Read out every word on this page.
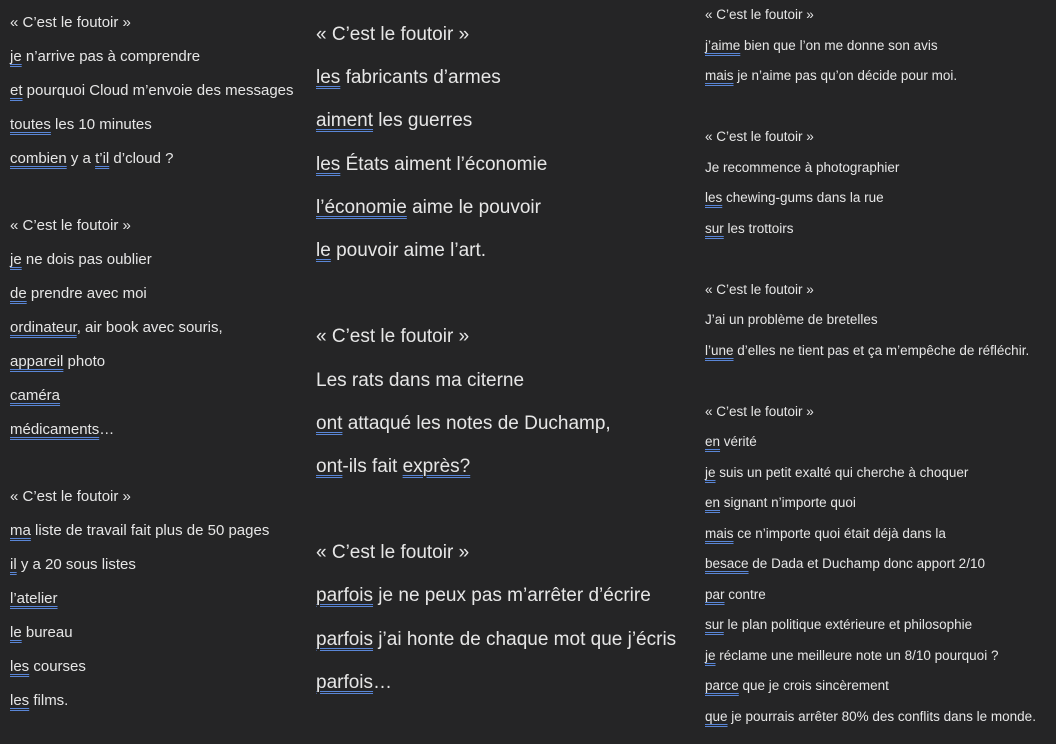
« C’est le foutoir »
je n’arrive pas à comprendre
et pourquoi Cloud m’envoie des messages
toutes les 10 minutes
combien y a t’il d’cloud ?
« C’est le foutoir »
je ne dois pas oublier
de prendre avec moi
ordinateur, air book avec souris,
appareil photo
caméra
médicaments…
« C’est le foutoir »
ma liste de travail fait plus de 50 pages
il y a 20 sous listes
l’atelier
le bureau
les courses
les films.
« C’est le foutoir »
les fabricants d’armes
aiment les guerres
les États aiment l’économie
l’économie aime le pouvoir
le pouvoir aime l’art.
« C’est le foutoir »
Les rats dans ma citerne
ont attaqué les notes de Duchamp,
ont-ils fait exprès?
« C’est le foutoir »
parfois je ne peux pas m’arrêter d’écrire
parfois j’ai honte de chaque mot que j’écris
parfois…
« C’est le foutoir »
j’aime bien que l’on me donne son avis
mais je n’aime pas qu’on décide pour moi.
« C’est le foutoir »
Je recommence à photographier
les chewing-gums dans la rue
sur les trottoirs
« C’est le foutoir »
J’ai un problème de bretelles
l’une d’elles ne tient pas et ça m’empêche de réfléchir.
« C’est le foutoir »
en vérité
je suis un petit exalté qui cherche à choquer
en signant n’importe quoi
mais ce n’importe quoi était déjà dans la
besace de Dada et Duchamp donc apport 2/10
par contre
sur le plan politique extérieure et philosophie
je réclame une meilleure note un 8/10 pourquoi ?
parce que je crois sincèrement
que je pourrais arrêter 80% des conflits dans le monde.
